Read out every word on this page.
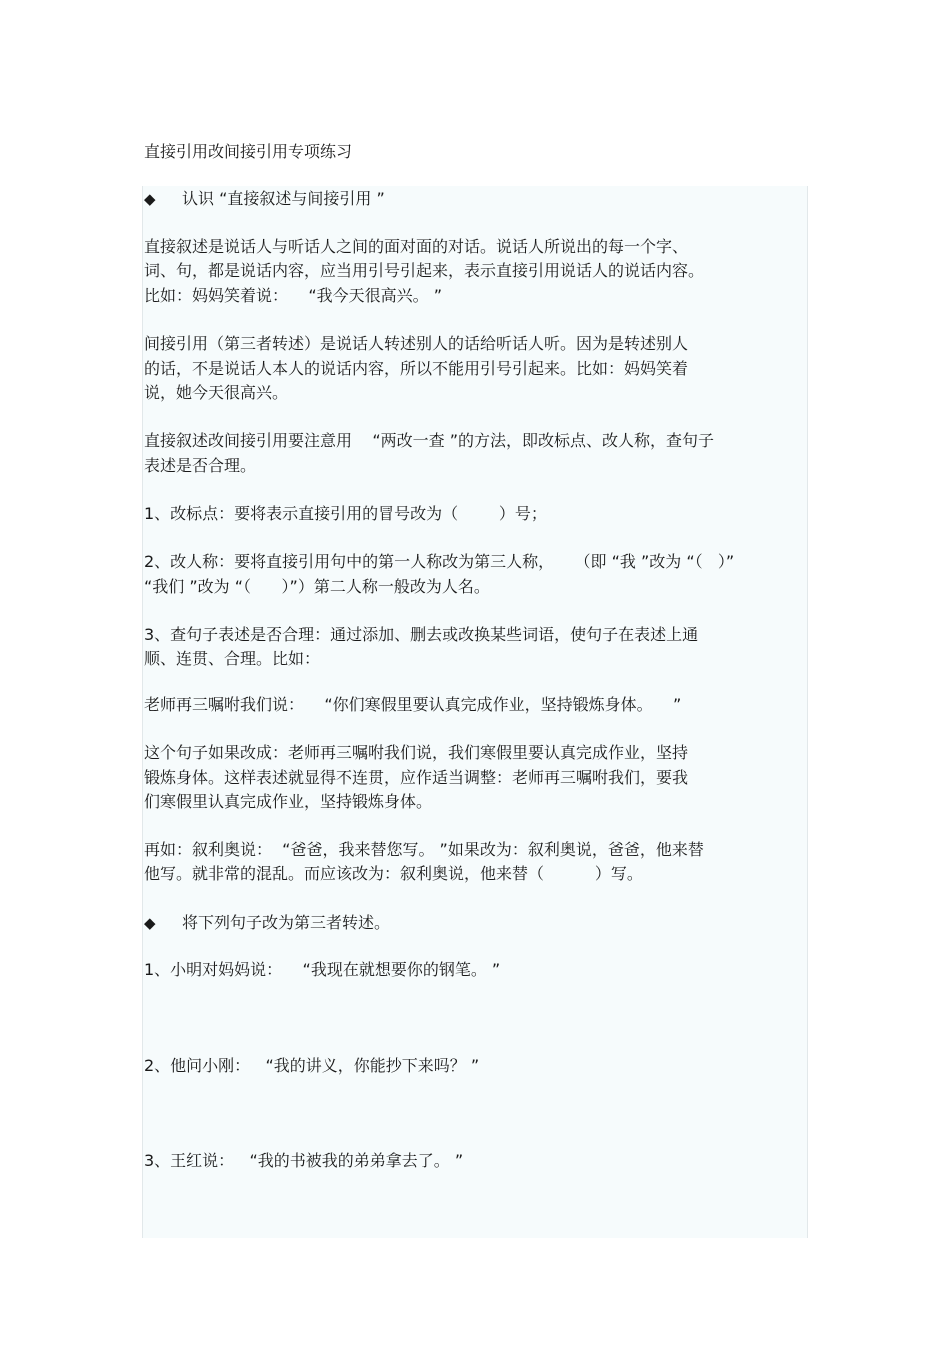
直接引用改间接引用专项练习

◆ 认识 “直接叙述与间接引用 ”

直接叙述是说话人与听话人之间的面对面的对话。说话人所说出的每一个字、

词、句，都是说话内容，应当用引号引起来，表示直接引用说话人的说话内容。

比如：妈妈笑着说：    “我今天很高兴。 ”

间接引用（第三者转述）是说话人转述别人的话给听话人听。因为是转述别人

的话，不是说话人本人的说话内容，所以不能用引号引起来。比如：妈妈笑着

说，她今天很高兴。

直接叙述改间接引用要注意用    “两改一查 ”的方法，即改标点、改人称，查句子

表述是否合理。

1、改标点：要将表示直接引用的冒号改为（        ）号；

2、改人称：要将直接引用句中的第一人称改为第三人称，    （即 “我 ”改为 “（   ）”

“我们 ”改为 “（      ）”）第二人称一般改为人名。

3、查句子表述是否合理：通过添加、删去或改换某些词语，使句子在表述上通

顺、连贯、合理。比如：

老师再三嘱咐我们说：    “你们寒假里要认真完成作业，坚持锻炼身体。    ”

这个句子如果改成：老师再三嘱咐我们说，我们寒假里要认真完成作业，坚持

锻炼身体。这样表述就显得不连贯，应作适当调整：老师再三嘱咐我们，要我

们寒假里认真完成作业，坚持锻炼身体。

再如：叙利奥说：  “爸爸，我来替您写。 ”如果改为：叙利奥说，爸爸，他来替

他写。就非常的混乱。而应该改为：叙利奥说，他来替（          ）写。

◆ 将下列句子改为第三者转述。

1、小明对妈妈说：    “我现在就想要你的钢笔。 ”

2、他问小刚：   “我的讲义，你能抄下来吗？ ”

3、王红说：   “我的书被我的弟弟拿去了。 ”
